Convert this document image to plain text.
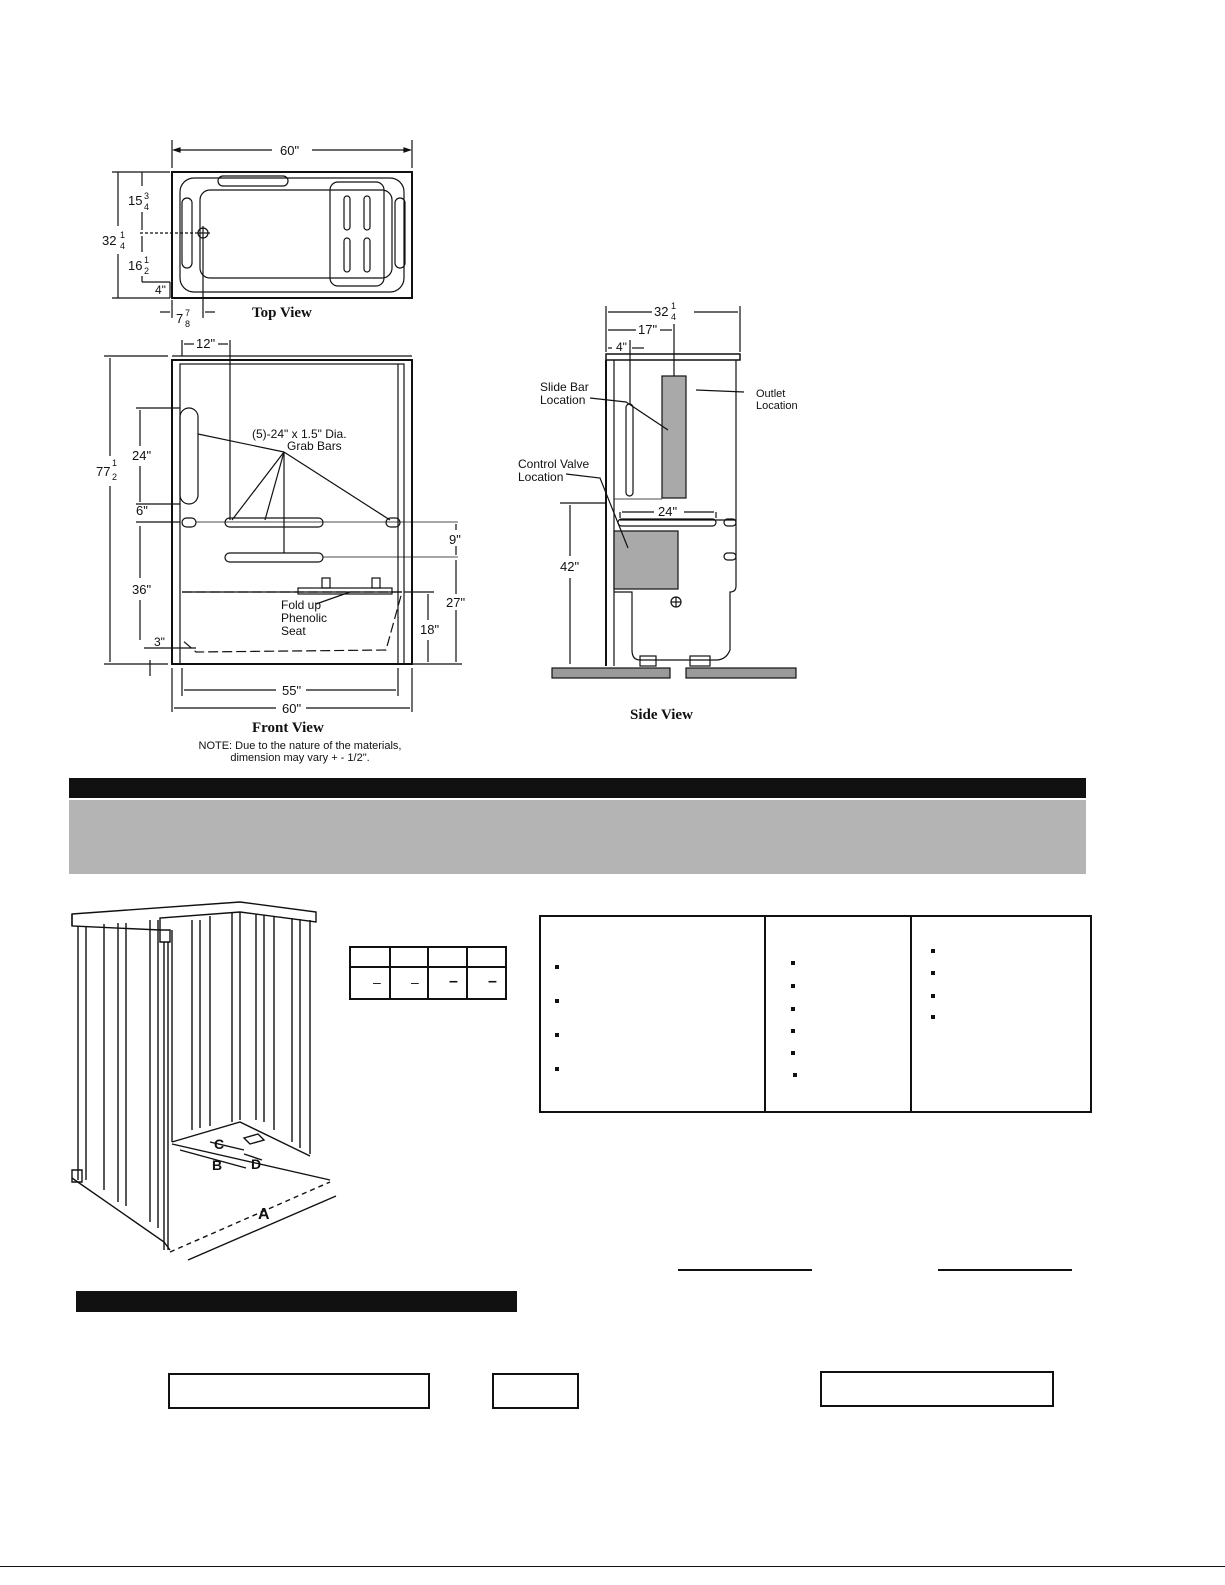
60"
32 1
4
15 3
4
16 1
2
4"
7 7
8
12"
77
1
2
24"
6"
36"
3"
9"
27"
18"
55"
60"
(5)-24" x 1.5" Dia.
Grab Bars
Fold up
Phenolic
Seat
32 1
4
17"
4"
24"
42"
Slide Bar
Location	Outlet
Location
Control Valve
Location
Top View
Front View
Side View
NOTE: Due to the nature of the materials,
dimension may vary + - 1/2".
C
B D
A
– – – –
